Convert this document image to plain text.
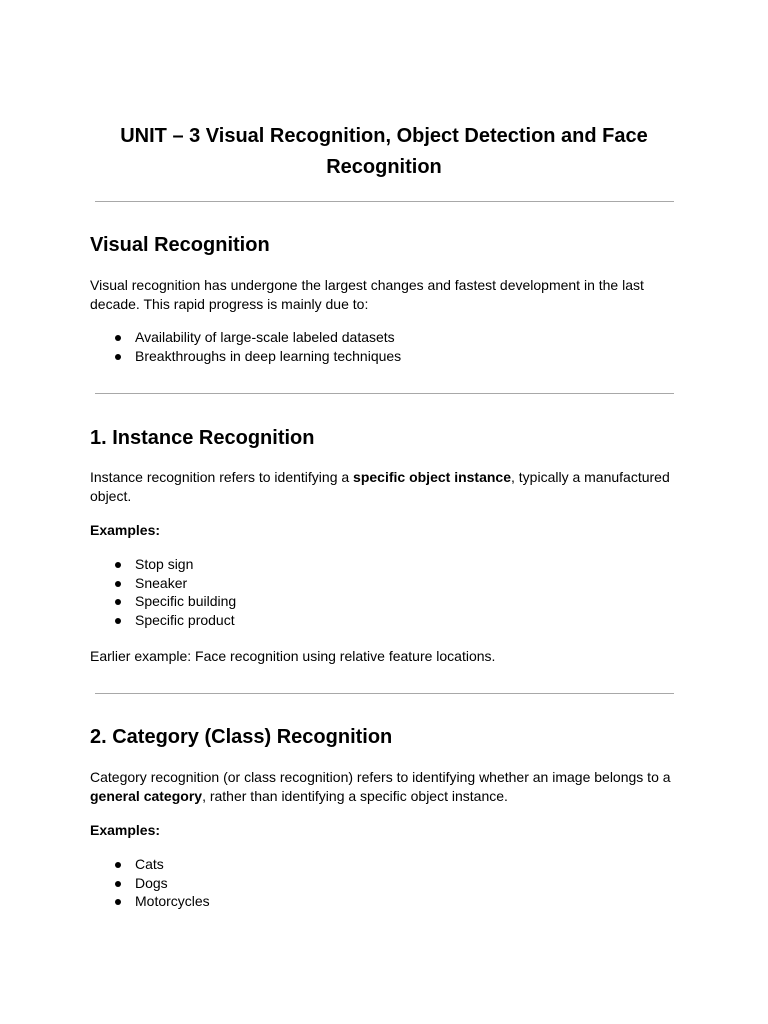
UNIT – 3 Visual Recognition, Object Detection and Face Recognition
Visual Recognition

Visual recognition has undergone the largest changes and fastest development in the last decade. This rapid progress is mainly due to:

Availability of large-scale labeled datasets
Breakthroughs in deep learning techniques
1. Instance Recognition

Instance recognition refers to identifying a specific object instance, typically a manufactured object.

Examples:

Stop sign
Sneaker
Specific building
Specific product

Earlier example: Face recognition using relative feature locations.

2. Category (Class) Recognition

Category recognition (or class recognition) refers to identifying whether an image belongs to a general category, rather than identifying a specific object instance.

Examples:

Cats
Dogs
Motorcycles
